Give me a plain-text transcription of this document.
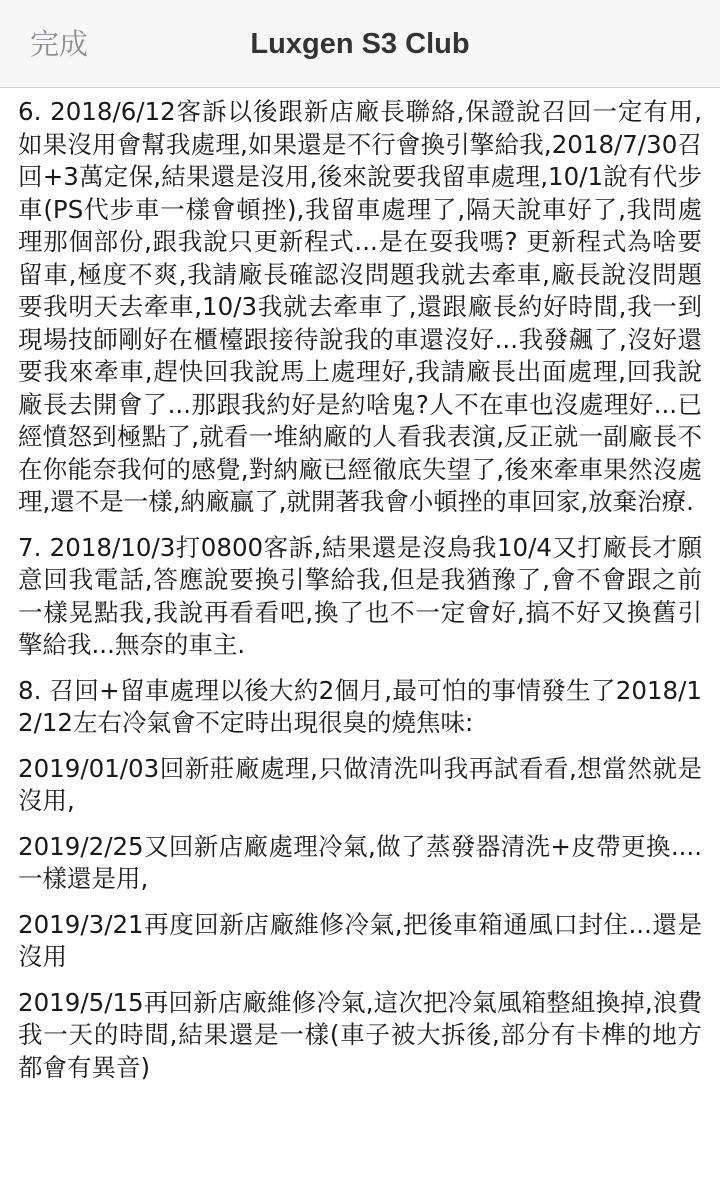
完成	Luxgen S3 Club

6. 2018/6/12客訴以後跟新店廠長聯絡,保證說召回一定有用,如果沒用會幫我處理,如果還是不行會換引擎給我,2018/7/30召回+3萬定保,結果還是沒用,後來說要我留車處理,10/1說有代步車(PS代步車一樣會頓挫),我留車處理了,隔天說車好了,我問處理那個部份,跟我說只更新程式...是在耍我嗎? 更新程式為啥要留車,極度不爽,我請廠長確認沒問題我就去牽車,廠長說沒問題要我明天去牽車,10/3我就去牽車了,還跟廠長約好時間,我一到現場技師剛好在櫃檯跟接待說我的車還沒好...我發飆了,沒好還要我來牽車,趕快回我說馬上處理好,我請廠長出面處理,回我說廠長去開會了...那跟我約好是約啥鬼?人不在車也沒處理好...已經憤怒到極點了,就看一堆納廠的人看我表演,反正就一副廠長不在你能奈我何的感覺,對納廠已經徹底失望了,後來牽車果然沒處理,還不是一樣,納廠贏了,就開著我會小頓挫的車回家,放棄治療.

7. 2018/10/3打0800客訴,結果還是沒鳥我10/4又打廠長才願意回我電話,答應說要換引擎給我,但是我猶豫了,會不會跟之前一樣晃點我,我說再看看吧,換了也不一定會好,搞不好又換舊引擎給我...無奈的車主.

8. 召回+留車處理以後大約2個月,最可怕的事情發生了2018/12/12左右冷氣會不定時出現很臭的燒焦味:

2019/01/03回新莊廠處理,只做清洗叫我再試看看,想當然就是沒用,

2019/2/25又回新店廠處理冷氣,做了蒸發器清洗+皮帶更換....一樣還是用,

2019/3/21再度回新店廠維修冷氣,把後車箱通風口封住...還是沒用

2019/5/15再回新店廠維修冷氣,這次把冷氣風箱整組換掉,浪費我一天的時間,結果還是一樣(車子被大拆後,部分有卡榫的地方都會有異音)
